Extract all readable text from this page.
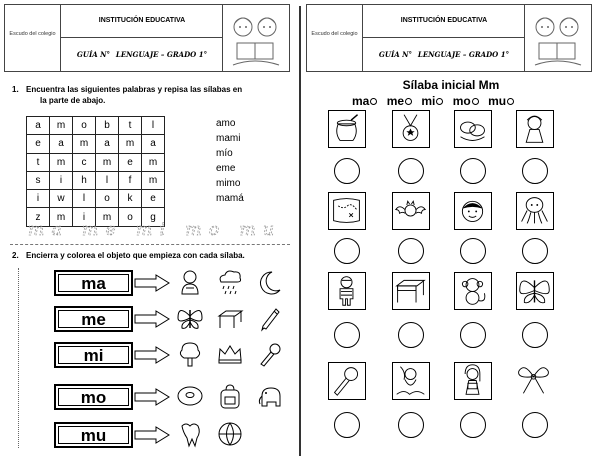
Escudo del colegio
INSTITUCIÓN EDUCATIVA
GUÍA N° LENGUAJE – GRADO 1°
1. Encuentra las siguientes palabras y repisa las sílabas en
la parte de abajo.
a	m	o	b	t	l
e	a	m	a	m	a
t	m	c	m	e	m
s	i	h	l	f	m
i	w	l	o	k	e
z	m	i	m	o	g
amo
mami
mío
eme
mimo
mamá
ma me mi mo mu
2. Encierra y colorea el objeto que empieza con cada sílaba.
ma
me
mi
mo
mu
Escudo del colegio
INSTITUCIÓN EDUCATIVA
GUÍA N° LENGUAJE – GRADO 1°
Sílaba inicial Mm
ma me mi mo mu
